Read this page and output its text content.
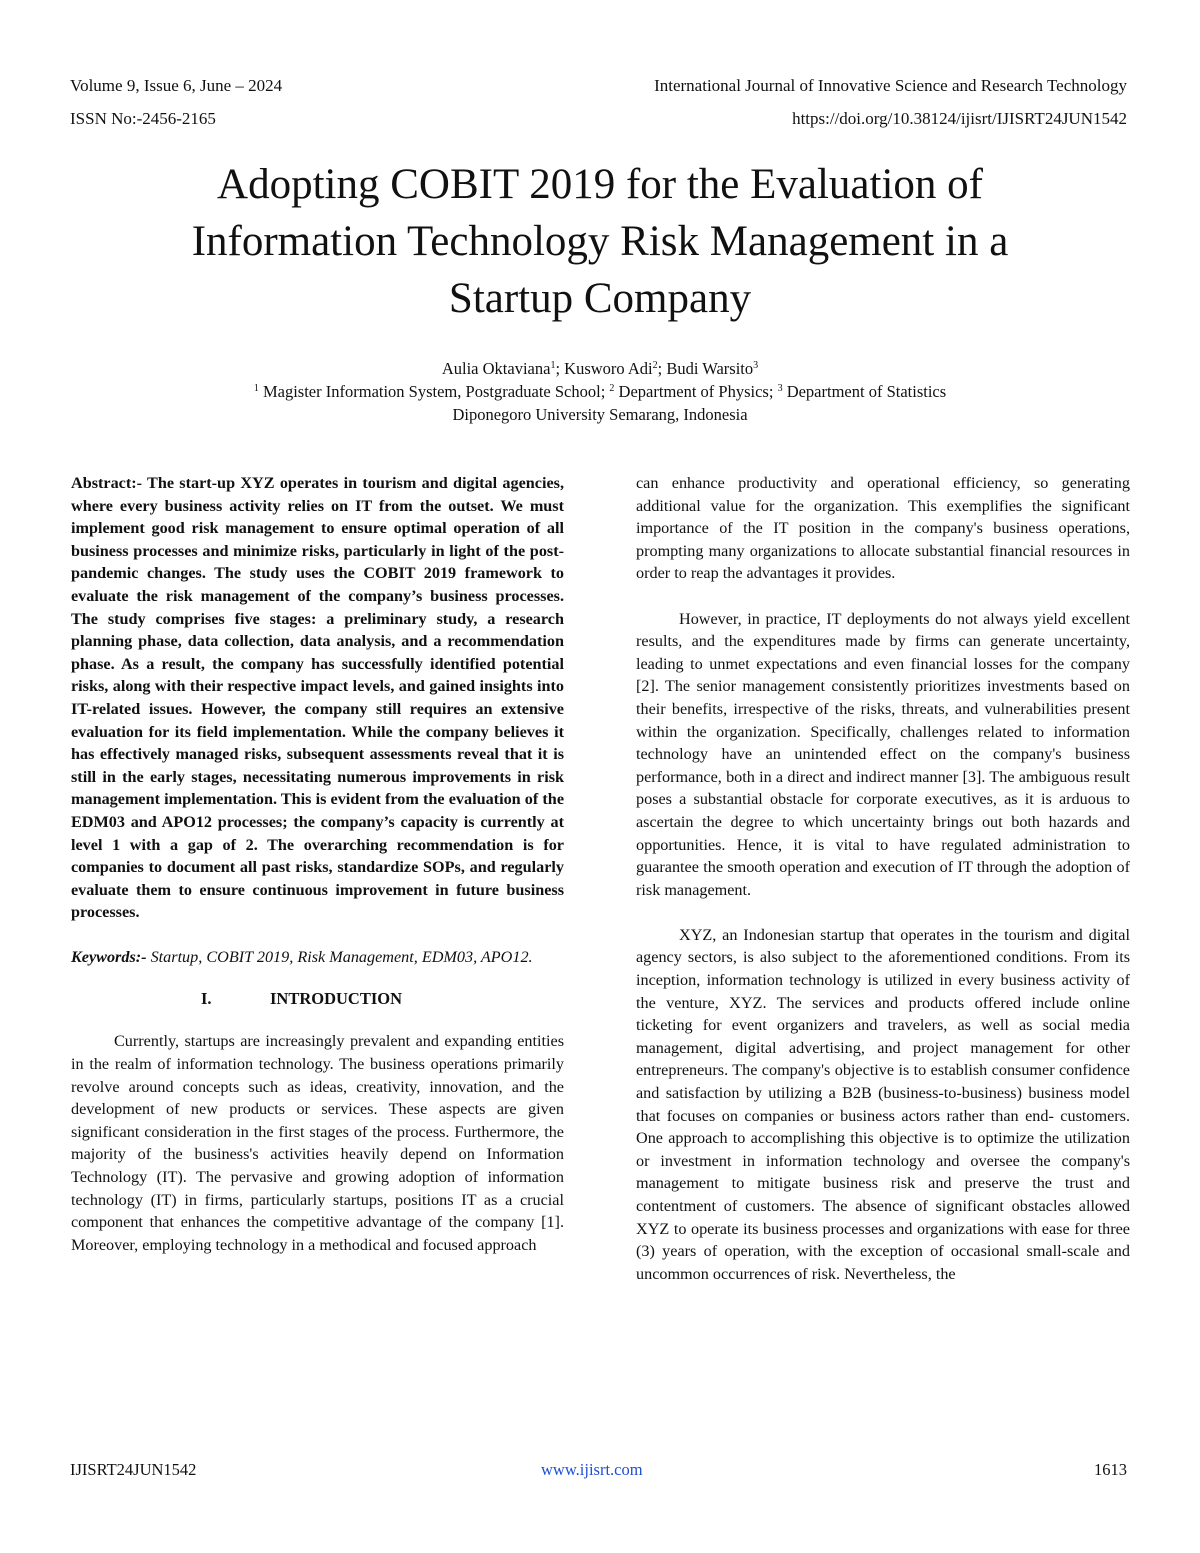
Volume 9, Issue 6, June – 2024	International Journal of Innovative Science and Research Technology
ISSN No:-2456-2165	https://doi.org/10.38124/ijisrt/IJISRT24JUN1542
Adopting COBIT 2019 for the Evaluation of
Information Technology Risk Management in a
Startup Company
Aulia Oktaviana$^1$; Kusworo Adi$^2$; Budi Warsito$^3$
$^1$ Magister Information System, Postgraduate School; $^2$ Department of Physics; $^3$ Department of Statistics
Diponegoro University Semarang, Indonesia

Abstract:- The start-up XYZ operates in tourism and digital agencies, where every business activity relies on IT from the outset. We must implement good risk management to ensure optimal operation of all business processes and minimize risks, particularly in light of the post-pandemic changes. The study uses the COBIT 2019 framework to evaluate the risk management of the company’s business processes. The study comprises five stages: a preliminary study, a research planning phase, data collection, data analysis, and a recommendation phase. As a result, the company has successfully identified potential risks, along with their respective impact levels, and gained insights into IT-related issues. However, the company still requires an extensive evaluation for its field implementation. While the company believes it has effectively managed risks, subsequent assessments reveal that it is still in the early stages, necessitating numerous improvements in risk management implementation. This is evident from the evaluation of the EDM03 and APO12 processes; the company’s capacity is currently at level 1 with a gap of 2. The overarching recommendation is for companies to document all past risks, standardize SOPs, and regularly evaluate them to ensure continuous improvement in future business processes.

Keywords:- Startup, COBIT 2019, Risk Management, EDM03, APO12.

I.	INTRODUCTION

Currently, startups are increasingly prevalent and expanding entities in the realm of information technology. The business operations primarily revolve around concepts such as ideas, creativity, innovation, and the development of new products or services. These aspects are given significant consideration in the first stages of the process. Furthermore, the majority of the business's activities heavily depend on Information Technology (IT). The pervasive and growing adoption of information technology (IT) in firms, particularly startups, positions IT as a crucial component that enhances the competitive advantage of the company [1]. Moreover, employing technology in a methodical and focused approach

can enhance productivity and operational efficiency, so generating additional value for the organization. This exemplifies the significant importance of the IT position in the company's business operations, prompting many organizations to allocate substantial financial resources in order to reap the advantages it provides.

However, in practice, IT deployments do not always yield excellent results, and the expenditures made by firms can generate uncertainty, leading to unmet expectations and even financial losses for the company [2]. The senior management consistently prioritizes investments based on their benefits, irrespective of the risks, threats, and vulnerabilities present within the organization. Specifically, challenges related to information technology have an unintended effect on the company's business performance, both in a direct and indirect manner [3]. The ambiguous result poses a substantial obstacle for corporate executives, as it is arduous to ascertain the degree to which uncertainty brings out both hazards and opportunities. Hence, it is vital to have regulated administration to guarantee the smooth operation and execution of IT through the adoption of risk management.

XYZ, an Indonesian startup that operates in the tourism and digital agency sectors, is also subject to the aforementioned conditions. From its inception, information technology is utilized in every business activity of the venture, XYZ. The services and products offered include online ticketing for event organizers and travelers, as well as social media management, digital advertising, and project management for other entrepreneurs. The company's objective is to establish consumer confidence and satisfaction by utilizing a B2B (business-to-business) business model that focuses on companies or business actors rather than end- customers. One approach to accomplishing this objective is to optimize the utilization or investment in information technology and oversee the company's management to mitigate business risk and preserve the trust and contentment of customers. The absence of significant obstacles allowed XYZ to operate its business processes and organizations with ease for three (3) years of operation, with the exception of occasional small-scale and uncommon occurrences of risk. Nevertheless, the

IJISRT24JUN1542	www.ijisrt.com	1613
